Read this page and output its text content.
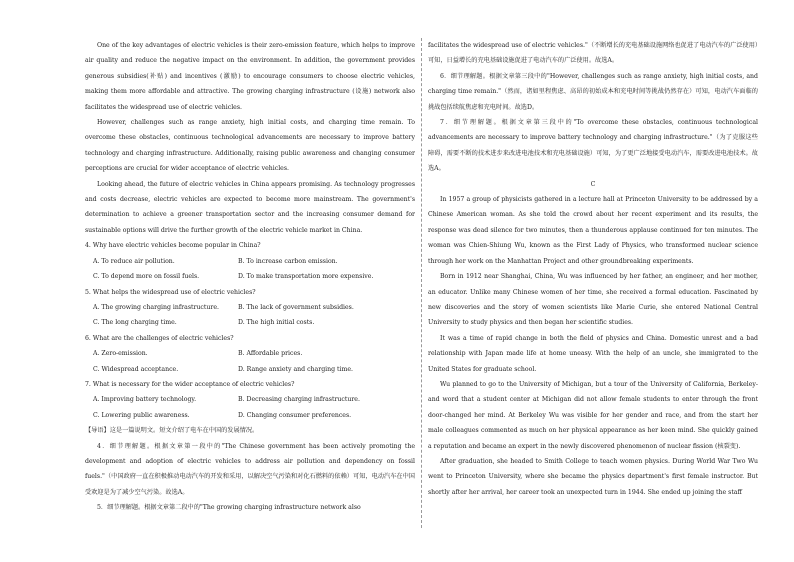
One of the key advantages of electric vehicles is their zero-emission feature, which helps to improve air quality and reduce the negative impact on the environment. In addition, the government provides generous subsidies(补贴) and incentives (激励) to encourage consumers to choose electric vehicles, making them more affordable and attractive. The growing charging infrastructure (设施) network also facilitates the widespread use of electric vehicles.

However, challenges such as range anxiety, high initial costs, and charging time remain. To overcome these obstacles, continuous technological advancements are necessary to improve battery technology and charging infrastructure. Additionally, raising public awareness and changing consumer perceptions are crucial for wider acceptance of electric vehicles.

Looking ahead, the future of electric vehicles in China appears promising. As technology progresses and costs decrease, electric vehicles are expected to become more mainstream. The government's determination to achieve a greener transportation sector and the increasing consumer demand for sustainable options will drive the further growth of the electric vehicle market in China.

4. Why have electric vehicles become popular in China?

A. To reduce air pollution.	B. To increase carbon emission.
C. To depend more on fossil fuels.	D. To make transportation more expensive.

5. What helps the widespread use of electric vehicles?

A. The growing charging infrastructure.	B. The lack of government subsidies.
C. The long charging time.	D. The high initial costs.

6. What are the challenges of electric vehicles?

A. Zero-emission.	B. Affordable prices.
C. Widespread acceptance.	D. Range anxiety and charging time.

7. What is necessary for the wider acceptance of electric vehicles?

A. Improving battery technology.	B. Decreasing charging infrastructure.
C. Lowering public awareness.	D. Changing consumer preferences.

【导语】这是一篇说明文。短文介绍了电车在中国的发展情况。

4．细节理解题。根据文章第一段中的"The Chinese government has been actively promoting the development and adoption of electric vehicles to address air pollution and dependency on fossil fuels."（中国政府一直在积极推动电动汽车的开发和采用，以解决空气污染和对化石燃料的依赖）可知，电动汽车在中国受欢迎是为了减少空气污染。故选A。

5．细节理解题。根据文章第二段中的"The growing charging infrastructure network also

facilitates the widespread use of electric vehicles."（不断增长的充电基础设施网络也促进了电动汽车的广泛使用）可知，日益增长的充电基础设施促进了电动汽车的广泛使用。故选A。

6．细节理解题。根据文章第三段中的"However, challenges such as range anxiety, high initial costs, and charging time remain."（然而，诸如里程焦虑、高昂的初始成本和充电时间等挑战仍然存在）可知，电动汽车面临的挑战包括续航焦虑和充电时间。故选D。

7．细节理解题。根据文章第三段中的"To overcome these obstacles, continuous technological advancements are necessary to improve battery technology and charging infrastructure."（为了克服这些障碍，需要不断的技术进步来改进电池技术和充电基础设施）可知，为了更广泛地接受电动汽车，需要改进电池技术。故选A。

C

In 1957 a group of physicists gathered in a lecture hall at Princeton University to be addressed by a Chinese American woman. As she told the crowd about her recent experiment and its results, the response was dead silence for two minutes, then a thunderous applause continued for ten minutes. The woman was Chien-Shiung Wu, known as the First Lady of Physics, who transformed nuclear science through her work on the Manhattan Project and other groundbreaking experiments.

Born in 1912 near Shanghai, China, Wu was influenced by her father, an engineer, and her mother, an educator. Unlike many Chinese women of her time, she received a formal education. Fascinated by new discoveries and the story of women scientists like Marie Curie, she entered National Central University to study physics and then began her scientific studies.

It was a time of rapid change in both the field of physics and China. Domestic unrest and a bad relationship with Japan made life at home uneasy. With the help of an uncle, she immigrated to the United States for graduate school.

Wu planned to go to the University of Michigan, but a tour of the University of California, Berkeley-and word that a student center at Michigan did not allow female students to enter through the front door-changed her mind. At Berkeley Wu was visible for her gender and race, and from the start her male colleagues commented as much on her physical appearance as her keen mind. She quickly gained a reputation and became an expert in the newly discovered phenomenon of nuclear fission (核裂变).

After graduation, she headed to Smith College to teach women physics. During World War Two Wu went to Princeton University, where she became the physics department's first female instructor. But shortly after her arrival, her career took an unexpected turn in 1944. She ended up joining the staff
